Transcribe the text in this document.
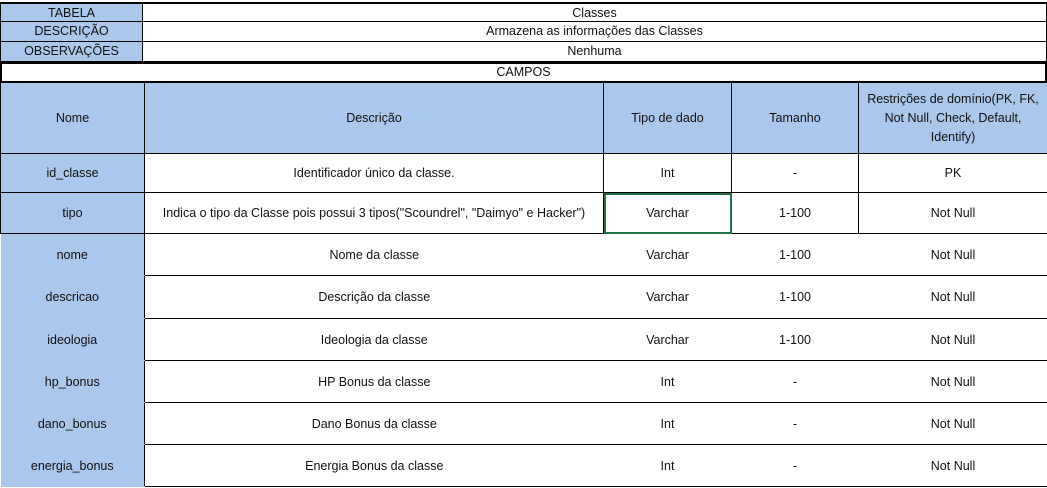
TABELA	Classes
DESCRIÇÃO	Armazena as informações das Classes
OBSERVAÇÕES	Nenhuma
CAMPOS
Nome	Descrição	Tipo de dado	Tamanho	Restrições de domínio(PK, FK, Not Null, Check, Default, Identify)
id_classe	Identificador único da classe.	Int	-	PK
tipo	Indica o tipo da Classe pois possui 3 tipos("Scoundrel", "Daimyo" e Hacker")	Varchar	1-100	Not Null
nome	Nome da classe	Varchar	1-100	Not Null
descricao	Descrição da classe	Varchar	1-100	Not Null
ideologia	Ideologia da classe	Varchar	1-100	Not Null
hp_bonus	HP Bonus da classe	Int	-	Not Null
dano_bonus	Dano Bonus da classe	Int	-	Not Null
energia_bonus	Energia Bonus da classe	Int	-	Not Null
